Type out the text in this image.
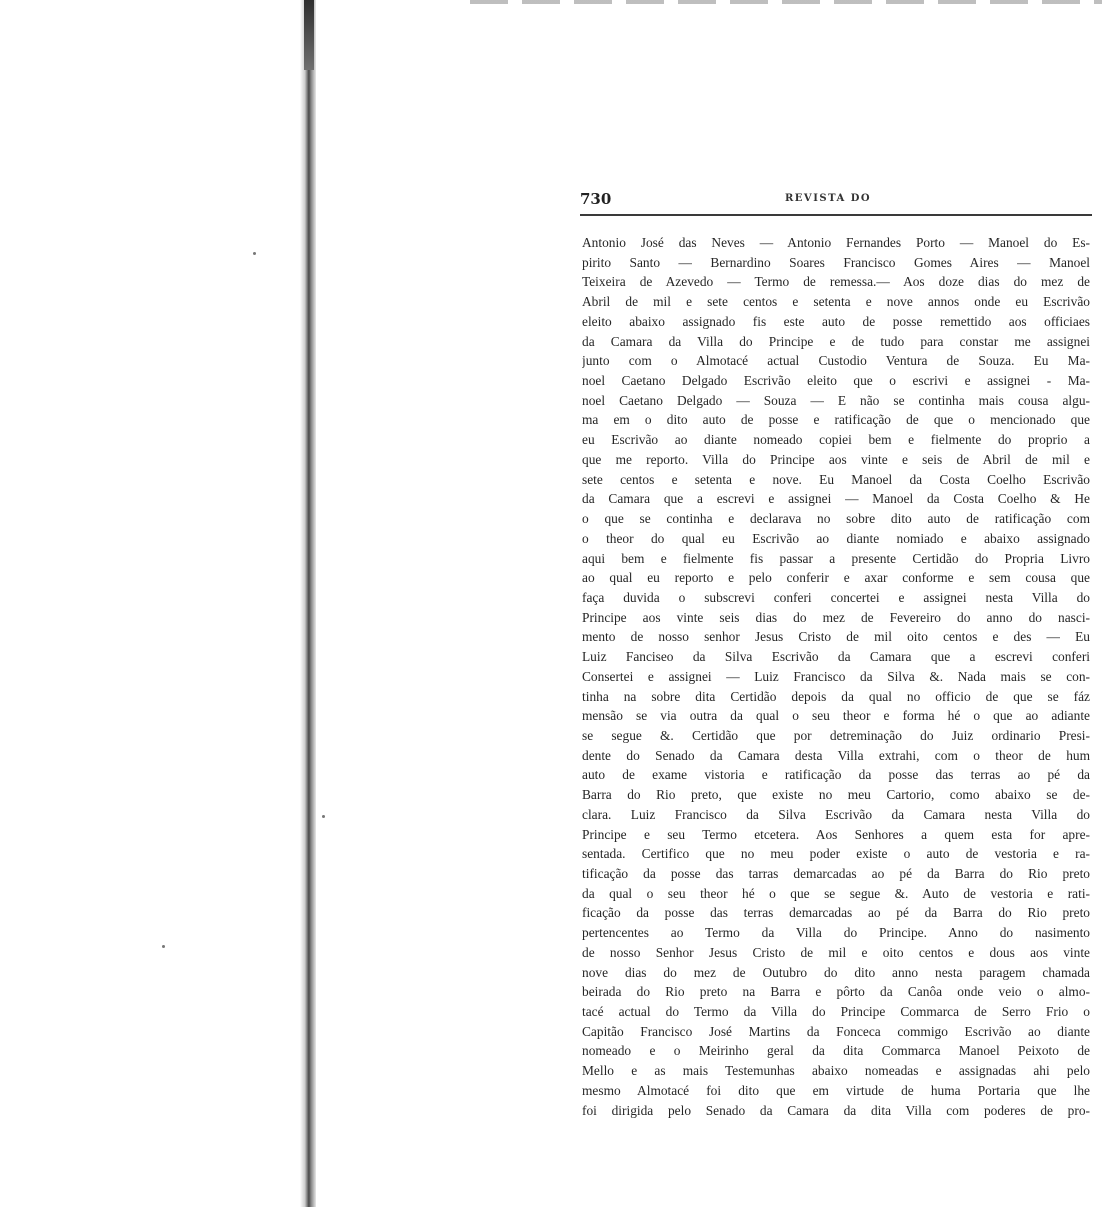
730	REVISTA DO
Antonio José das Neves — Antonio Fernandes Porto — Manoel do Es-
pirito Santo — Bernardino Soares Francisco Gomes Aires — Manoel
Teixeira de Azevedo — Termo de remessa.— Aos doze dias do mez de
Abril de mil e sete centos e setenta e nove annos onde eu Escrivão
eleito abaixo assignado fis este auto de posse remettido aos officiaes
da Camara da Villa do Principe e de tudo para constar me assignei
junto com o Almotacé actual Custodio Ventura de Souza. Eu Ma-
noel Caetano Delgado Escrivão eleito que o escrivi e assignei - Ma-
noel Caetano Delgado — Souza — E não se continha mais cousa algu-
ma em o dito auto de posse e ratificação de que o mencionado que
eu Escrivão ao diante nomeado copiei bem e fielmente do proprio a
que me reporto. Villa do Principe aos vinte e seis de Abril de mil e
sete centos e setenta e nove. Eu Manoel da Costa Coelho Escrivão
da Camara que a escrevi e assignei — Manoel da Costa Coelho & He
o que se continha e declarava no sobre dito auto de ratificação com
o theor do qual eu Escrivão ao diante nomiado e abaixo assignado
aqui bem e fielmente fis passar a presente Certidão do Propria Livro
ao qual eu reporto e pelo conferir e axar conforme e sem cousa que
faça duvida o subscrevi conferi concertei e assignei nesta Villa do
Principe aos vinte seis dias do mez de Fevereiro do anno do nasci-
mento de nosso senhor Jesus Cristo de mil oito centos e des — Eu
Luiz Fanciseo da Silva Escrivão da Camara que a escrevi conferi
Consertei e assignei — Luiz Francisco da Silva &. Nada mais se con-
tinha na sobre dita Certidão depois da qual no officio de que se fáz
mensão se via outra da qual o seu theor e forma hé o que ao adiante
se segue &. Certidão que por detreminação do Juiz ordinario Presi-
dente do Senado da Camara desta Villa extrahi, com o theor de hum
auto de exame vistoria e ratificação da posse das terras ao pé da
Barra do Rio preto, que existe no meu Cartorio, como abaixo se de-
clara. Luiz Francisco da Silva Escrivão da Camara nesta Villa do
Principe e seu Termo etcetera. Aos Senhores a quem esta for apre-
sentada. Certifico que no meu poder existe o auto de vestoria e ra-
tificação da posse das tarras demarcadas ao pé da Barra do Rio preto
da qual o seu theor hé o que se segue &. Auto de vestoria e rati-
ficação da posse das terras demarcadas ao pé da Barra do Rio preto
pertencentes ao Termo da Villa do Principe. Anno do nasimento
de nosso Senhor Jesus Cristo de mil e oito centos e dous aos vinte
nove dias do mez de Outubro do dito anno nesta paragem chamada
beirada do Rio preto na Barra e pôrto da Canôa onde veio o almo-
tacé actual do Termo da Villa do Principe Commarca de Serro Frio o
Capitão Francisco José Martins da Fonceca commigo Escrivão ao diante
nomeado e o Meirinho geral da dita Commarca Manoel Peixoto de
Mello e as mais Testemunhas abaixo nomeadas e assignadas ahi pelo
mesmo Almotacé foi dito que em virtude de huma Portaria que lhe
foi dirigida pelo Senado da Camara da dita Villa com poderes de pro-
